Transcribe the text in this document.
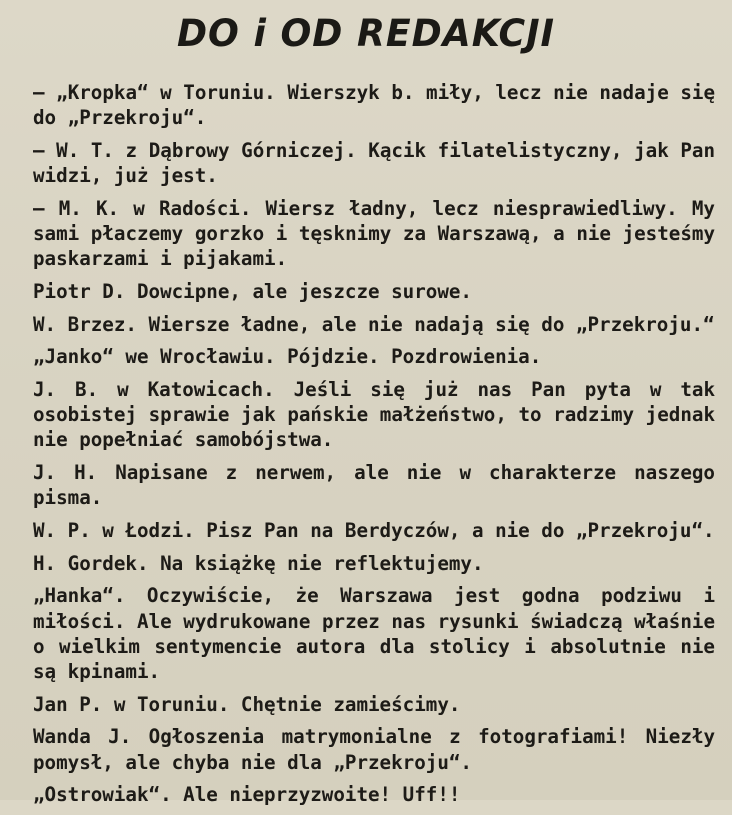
DO i OD REDAKCJI

— „Kropka“ w Toruniu. Wierszyk b. miły, lecz nie nadaje się do „Przekroju“.

— W. T. z Dąbrowy Górniczej. Kącik filatelistyczny, jak Pan widzi, już jest.

— M. K. w Radości. Wiersz ładny, lecz niesprawiedliwy. My sami płaczemy gorzko i tęsknimy za Warszawą, a nie jesteśmy paskarzami i pijakami.

Piotr D. Dowcipne, ale jeszcze surowe.

W. Brzez. Wiersze ładne, ale nie nadają się do „Przekroju.“

„Janko“ we Wrocławiu. Pójdzie. Pozdrowienia.

J. B. w Katowicach. Jeśli się już nas Pan pyta w tak osobistej sprawie jak pańskie małżeństwo, to radzimy jednak nie popełniać samobójstwa.

J. H. Napisane z nerwem, ale nie w charakterze naszego pisma.

W. P. w Łodzi. Pisz Pan na Berdyczów, a nie do „Przekroju“.

H. Gordek. Na książkę nie reflektujemy.

„Hanka“. Oczywiście, że Warszawa jest godna podziwu i miłości. Ale wydrukowane przez nas rysunki świadczą właśnie o wielkim sentymencie autora dla stolicy i absolutnie nie są kpinami.

Jan P. w Toruniu. Chętnie zamieścimy.

Wanda J. Ogłoszenia matrymonialne z fotografiami! Niezły pomysł, ale chyba nie dla „Przekroju“.

„Ostrowiak“. Ale nieprzyzwoite! Uff!!
